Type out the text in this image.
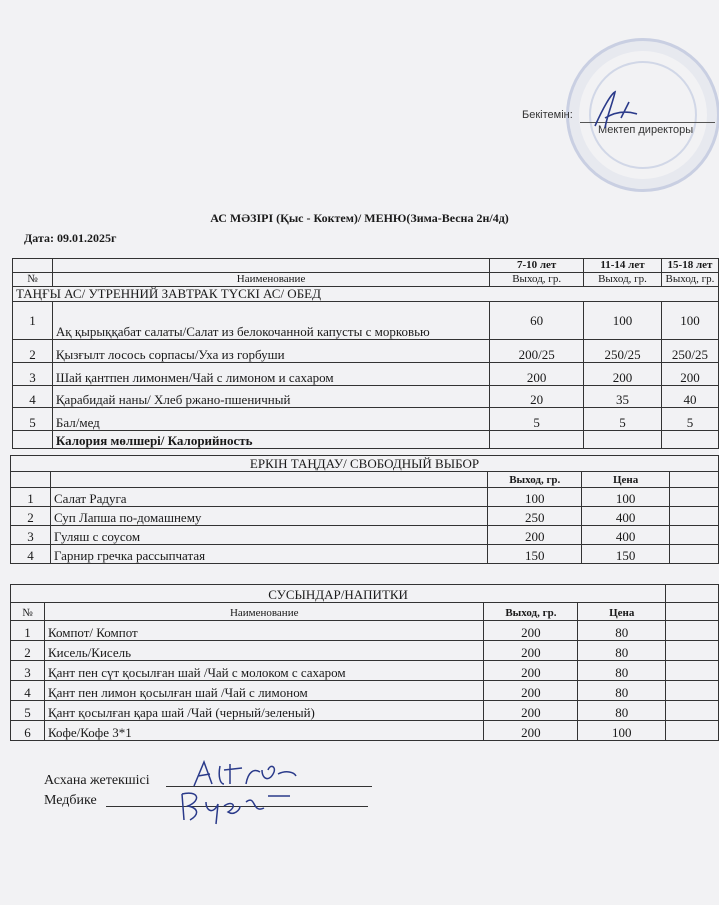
Бекітемін:
Мектеп директоры
АС МӘЗІРІ (Қыс - Коктем)/ МЕНЮ(Зима-Весна 2н/4д)
Дата: 09.01.2025г
		7-10 лет	11-14 лет	15-18 лет
№	Наименование	Выход, гр.	Выход, гр.	Выход, гр.
ТАҢҒЫ АС/ УТРЕННИЙ ЗАВТРАК ТҮСКІ АС/ ОБЕД				
1	Ақ қырыққабат салаты/Салат из белокочанной капусты с морковью	60	100	100
2	Қызғылт лосось сорпасы/Уха из горбуши	200/25	250/25	250/25
3	Шай қантпен лимонмен/Чай с лимоном и сахаром	200	200	200
4	Қарабидай наны/ Хлеб ржано-пшеничный	20	35	40
5	Бал/мед	5	5	5
	Калория мөлшері/ Калорийность			
ЕРКІН ТАҢДАУ/ СВОБОДНЫЙ ВЫБОР				
		Выход, гр.	Цена	
1	Салат Радуга	100	100	
2	Суп Лапша по-домашнему	250	400	
3	Гуляш с соусом	200	400	
4	Гарнир гречка рассыпчатая	150	150	
СУСЫНДАР/НАПИТКИ				
№	Наименование	Выход, гр.	Цена	
1	Компот/ Компот	200	80	
2	Кисель/Кисель	200	80	
3	Қант пен сүт қосылған шай /Чай с молоком с сахаром	200	80	
4	Қант пен лимон қосылған шай /Чай с лимоном	200	80	
5	Қант қосылған қара шай /Чай (черный/зеленый)	200	80	
6	Кофе/Кофе 3*1	200	100	
Асхана жетекшісі
Медбике
